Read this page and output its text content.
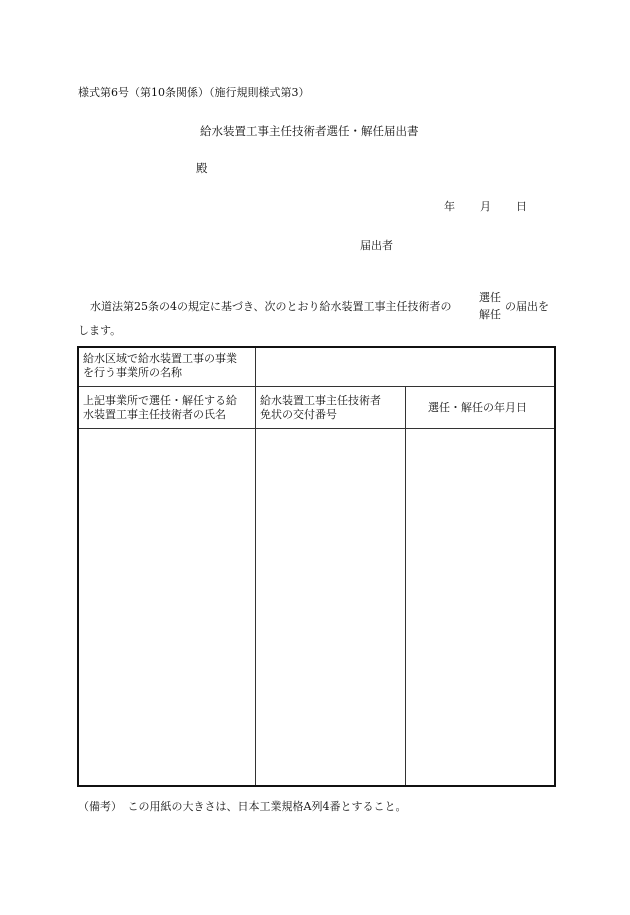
様式第6号（第10条関係）（施行規則様式第3）
給水装置工事主任技術者選任・解任届出書
殿
年 月 日
届出者
水道法第25条の4の規定に基づき、次のとおり給水装置工事主任技術者の
選任
解任
の届出を
します。
給水区域で給水装置工事の事業
を行う事業所の名称
上記事業所で選任・解任する給
水装置工事主任技術者の氏名
給水装置工事主任技術者
免状の交付番号
選任・解任の年月日
（備考）　この用紙の大きさは、日本工業規格A列4番とすること。
